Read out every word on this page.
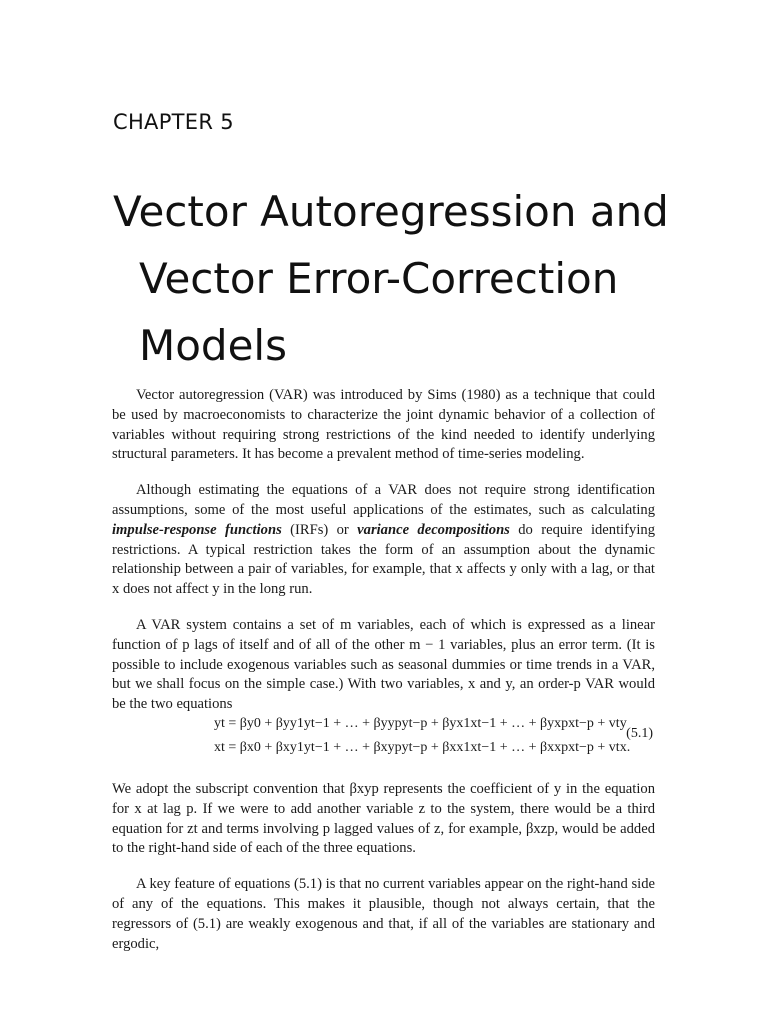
CHAPTER 5
Vector Autoregression and
Vector Error-Correction
Models

Vector autoregression (VAR) was introduced by Sims (1980) as a technique that could be used by macroeconomists to characterize the joint dynamic behavior of a collection of variables without requiring strong restrictions of the kind needed to identify underlying structural parameters. It has become a prevalent method of time-series modeling.

Although estimating the equations of a VAR does not require strong identification assumptions, some of the most useful applications of the estimates, such as calculating impulse-response functions (IRFs) or variance decompositions do require identifying restrictions. A typical restriction takes the form of an assumption about the dynamic relationship between a pair of variables, for example, that x affects y only with a lag, or that x does not affect y in the long run.

A VAR system contains a set of m variables, each of which is expressed as a linear function of p lags of itself and of all of the other m − 1 variables, plus an error term. (It is possible to include exogenous variables such as seasonal dummies or time trends in a VAR, but we shall focus on the simple case.) With two variables, x and y, an order-p VAR would be the two equations

yt = βy0 + βyy1yt−1 + … + βyypyt−p + βyx1xt−1 + … + βyxpxt−p + vty
xt = βx0 + βxy1yt−1 + … + βxypyt−p + βxx1xt−1 + … + βxxpxt−p + vtx.
(5.1)

We adopt the subscript convention that βxyp represents the coefficient of y in the equation for x at lag p. If we were to add another variable z to the system, there would be a third equation for zt and terms involving p lagged values of z, for example, βxzp, would be added to the right-hand side of each of the three equations.

A key feature of equations (5.1) is that no current variables appear on the right-hand side of any of the equations. This makes it plausible, though not always certain, that the regressors of (5.1) are weakly exogenous and that, if all of the variables are stationary and ergodic,
